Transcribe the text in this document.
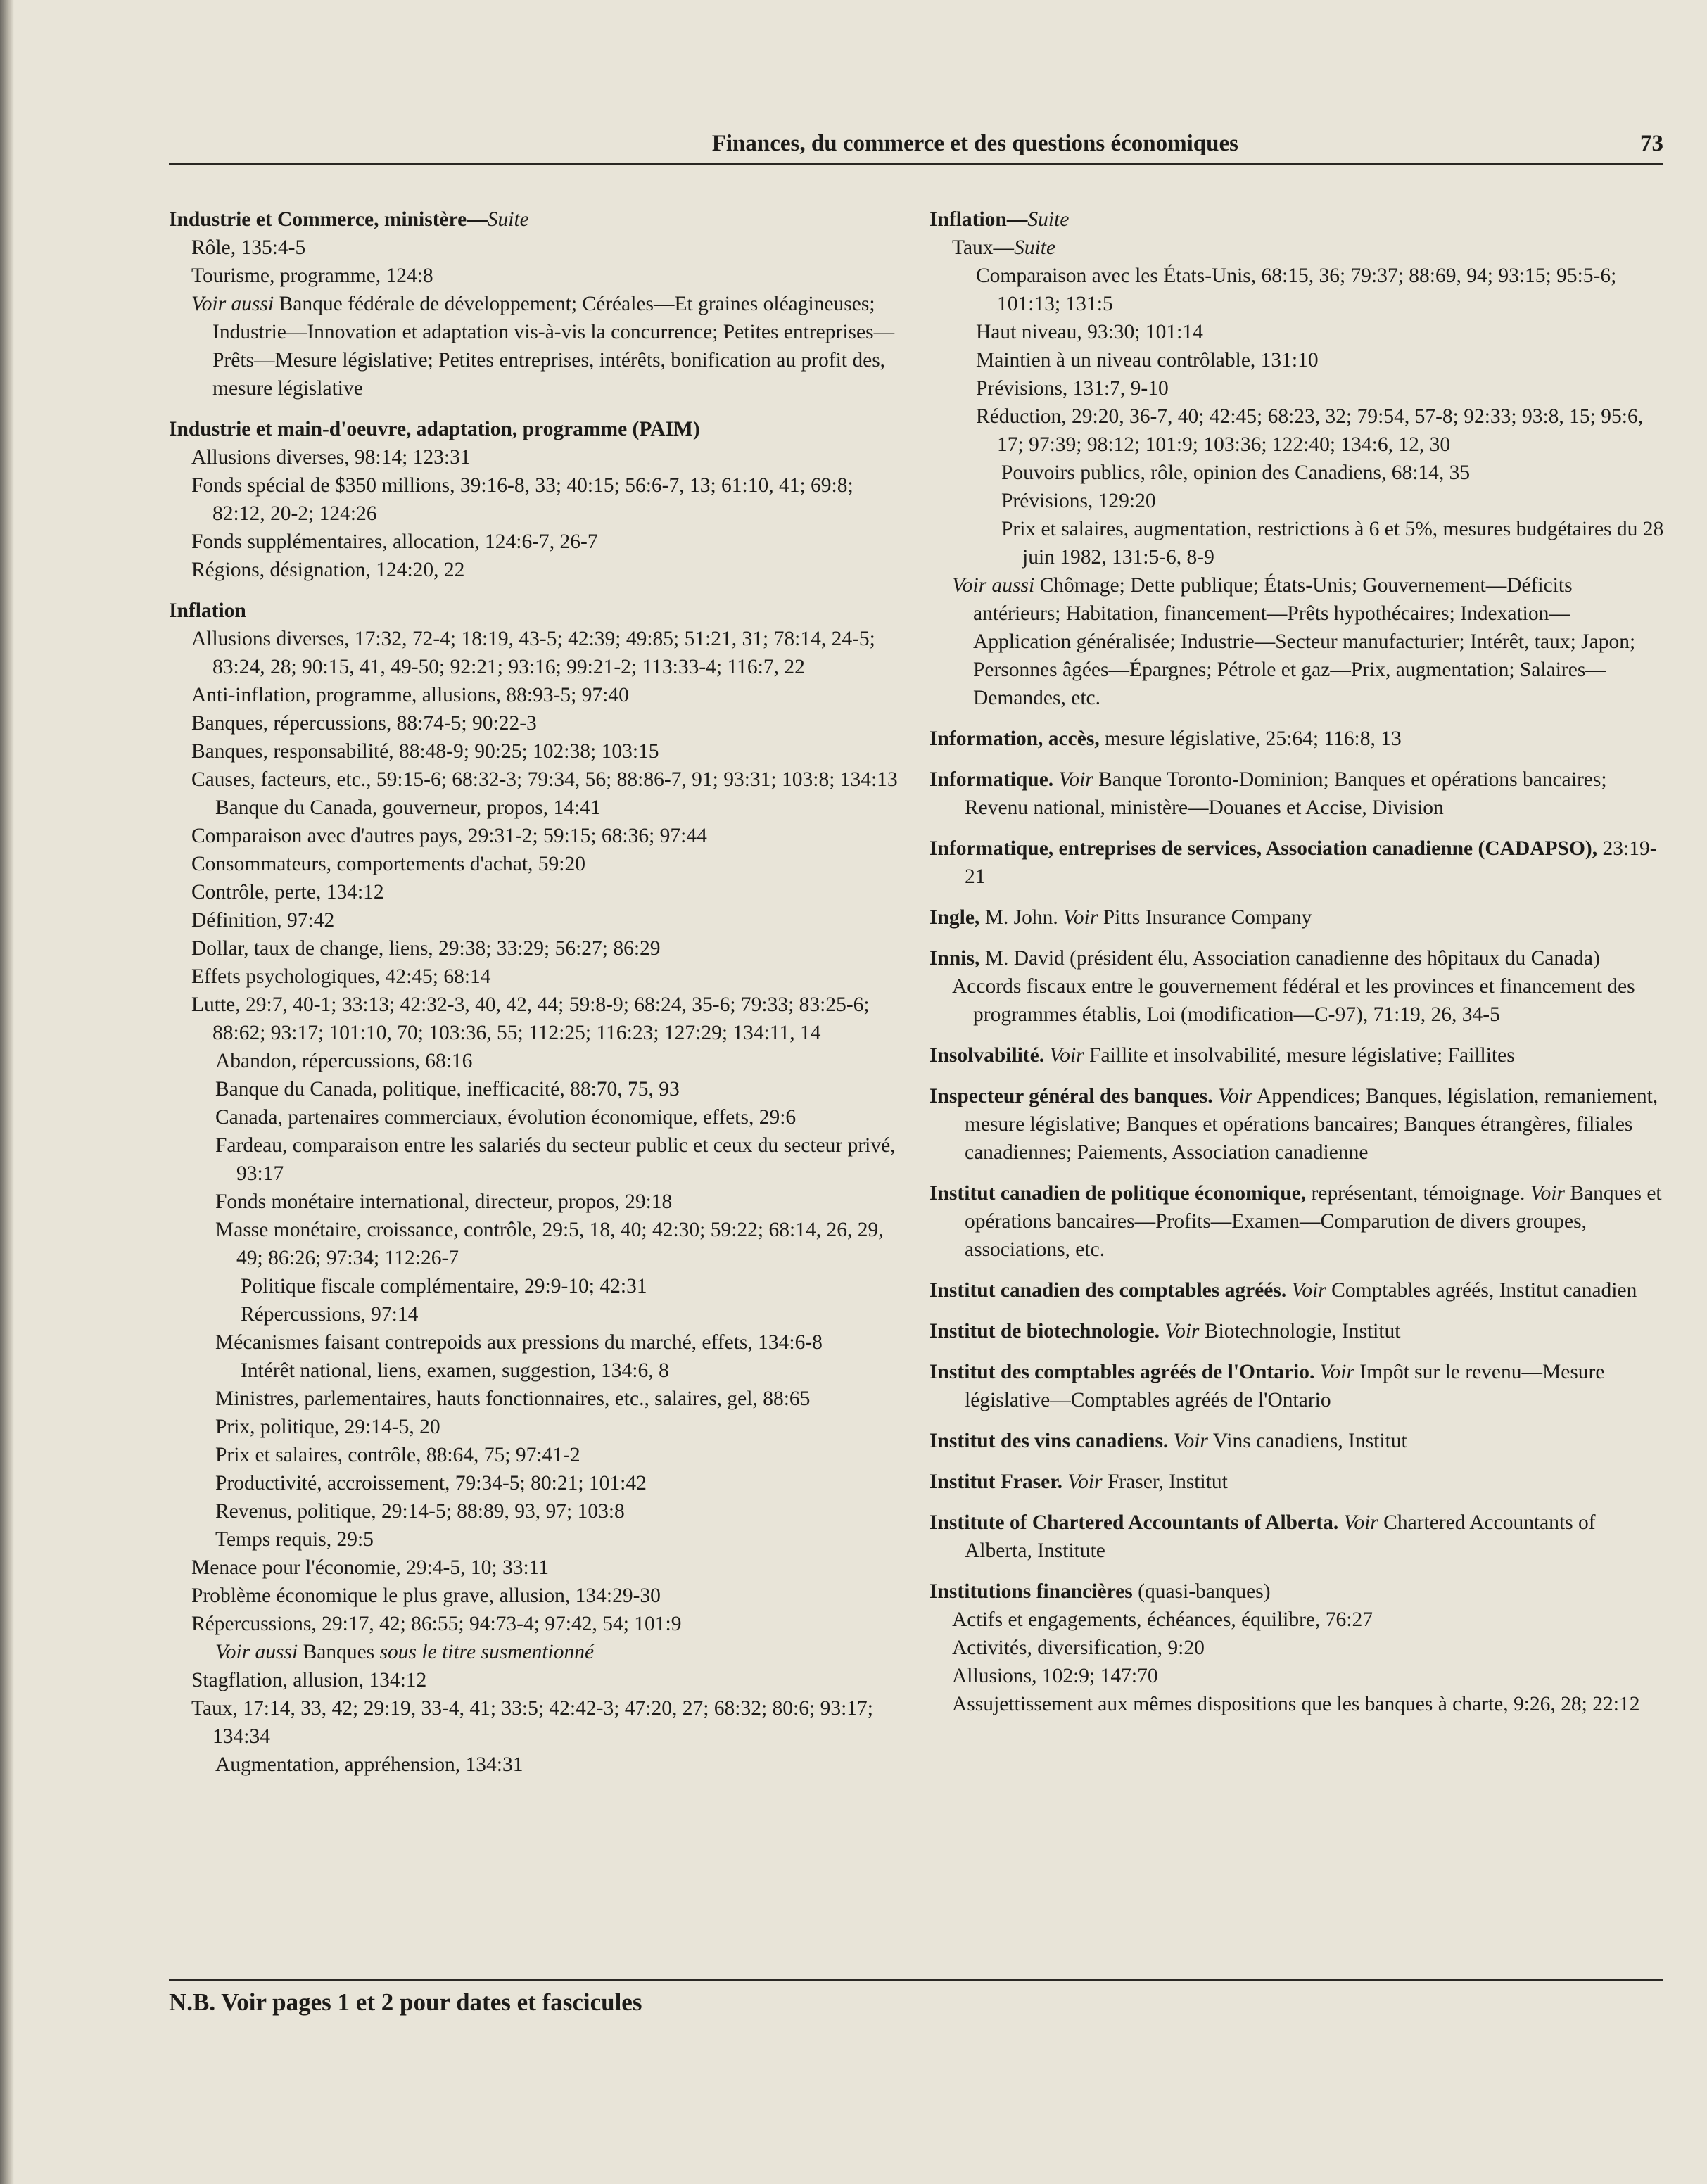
Finances, du commerce et des questions économiques	73
Industrie et Commerce, ministère—Suite
Rôle, 135:4-5
Tourisme, programme, 124:8
Voir aussi Banque fédérale de développement; Céréales—Et graines oléagineuses; Industrie—Innovation et adaptation vis-à-vis la concurrence; Petites entreprises—Prêts—Mesure législative; Petites entreprises, intérêts, bonification au profit des, mesure législative
Industrie et main-d'oeuvre, adaptation, programme (PAIM)
Allusions diverses, 98:14; 123:31
Fonds spécial de $350 millions, 39:16-8, 33; 40:15; 56:6-7, 13; 61:10, 41; 69:8; 82:12, 20-2; 124:26
Fonds supplémentaires, allocation, 124:6-7, 26-7
Régions, désignation, 124:20, 22
Inflation
Allusions diverses, 17:32, 72-4; 18:19, 43-5; 42:39; 49:85; 51:21, 31; 78:14, 24-5; 83:24, 28; 90:15, 41, 49-50; 92:21; 93:16; 99:21-2; 113:33-4; 116:7, 22
Anti-inflation, programme, allusions, 88:93-5; 97:40
Banques, répercussions, 88:74-5; 90:22-3
Banques, responsabilité, 88:48-9; 90:25; 102:38; 103:15
Causes, facteurs, etc., 59:15-6; 68:32-3; 79:34, 56; 88:86-7, 91; 93:31; 103:8; 134:13
Banque du Canada, gouverneur, propos, 14:41
Comparaison avec d'autres pays, 29:31-2; 59:15; 68:36; 97:44
Consommateurs, comportements d'achat, 59:20
Contrôle, perte, 134:12
Définition, 97:42
Dollar, taux de change, liens, 29:38; 33:29; 56:27; 86:29
Effets psychologiques, 42:45; 68:14
Lutte, 29:7, 40-1; 33:13; 42:32-3, 40, 42, 44; 59:8-9; 68:24, 35-6; 79:33; 83:25-6; 88:62; 93:17; 101:10, 70; 103:36, 55; 112:25; 116:23; 127:29; 134:11, 14
Abandon, répercussions, 68:16
Banque du Canada, politique, inefficacité, 88:70, 75, 93
Canada, partenaires commerciaux, évolution économique, effets, 29:6
Fardeau, comparaison entre les salariés du secteur public et ceux du secteur privé, 93:17
Fonds monétaire international, directeur, propos, 29:18
Masse monétaire, croissance, contrôle, 29:5, 18, 40; 42:30; 59:22; 68:14, 26, 29, 49; 86:26; 97:34; 112:26-7
Politique fiscale complémentaire, 29:9-10; 42:31
Répercussions, 97:14
Mécanismes faisant contrepoids aux pressions du marché, effets, 134:6-8
Intérêt national, liens, examen, suggestion, 134:6, 8
Ministres, parlementaires, hauts fonctionnaires, etc., salaires, gel, 88:65
Prix, politique, 29:14-5, 20
Prix et salaires, contrôle, 88:64, 75; 97:41-2
Productivité, accroissement, 79:34-5; 80:21; 101:42
Revenus, politique, 29:14-5; 88:89, 93, 97; 103:8
Temps requis, 29:5
Menace pour l'économie, 29:4-5, 10; 33:11
Problème économique le plus grave, allusion, 134:29-30
Répercussions, 29:17, 42; 86:55; 94:73-4; 97:42, 54; 101:9
Voir aussi Banques sous le titre susmentionné
Stagflation, allusion, 134:12
Taux, 17:14, 33, 42; 29:19, 33-4, 41; 33:5; 42:42-3; 47:20, 27; 68:32; 80:6; 93:17; 134:34
Augmentation, appréhension, 134:31
Inflation—Suite
Taux—Suite
Comparaison avec les États-Unis, 68:15, 36; 79:37; 88:69, 94; 93:15; 95:5-6; 101:13; 131:5
Haut niveau, 93:30; 101:14
Maintien à un niveau contrôlable, 131:10
Prévisions, 131:7, 9-10
Réduction, 29:20, 36-7, 40; 42:45; 68:23, 32; 79:54, 57-8; 92:33; 93:8, 15; 95:6, 17; 97:39; 98:12; 101:9; 103:36; 122:40; 134:6, 12, 30
Pouvoirs publics, rôle, opinion des Canadiens, 68:14, 35
Prévisions, 129:20
Prix et salaires, augmentation, restrictions à 6 et 5%, mesures budgétaires du 28 juin 1982, 131:5-6, 8-9
Voir aussi Chômage; Dette publique; États-Unis; Gouvernement—Déficits antérieurs; Habitation, financement—Prêts hypothécaires; Indexation—Application généralisée; Industrie—Secteur manufacturier; Intérêt, taux; Japon; Personnes âgées—Épargnes; Pétrole et gaz—Prix, augmentation; Salaires—Demandes, etc.
Information, accès, mesure législative, 25:64; 116:8, 13
Informatique. Voir Banque Toronto-Dominion; Banques et opérations bancaires; Revenu national, ministère—Douanes et Accise, Division
Informatique, entreprises de services, Association canadienne (CADAPSO), 23:19-21
Ingle, M. John. Voir Pitts Insurance Company
Innis, M. David (président élu, Association canadienne des hôpitaux du Canada)
Accords fiscaux entre le gouvernement fédéral et les provinces et financement des programmes établis, Loi (modification—C-97), 71:19, 26, 34-5
Insolvabilité. Voir Faillite et insolvabilité, mesure législative; Faillites
Inspecteur général des banques. Voir Appendices; Banques, législation, remaniement, mesure législative; Banques et opérations bancaires; Banques étrangères, filiales canadiennes; Paiements, Association canadienne
Institut canadien de politique économique, représentant, témoignage. Voir Banques et opérations bancaires—Profits—Examen—Comparution de divers groupes, associations, etc.
Institut canadien des comptables agréés. Voir Comptables agréés, Institut canadien
Institut de biotechnologie. Voir Biotechnologie, Institut
Institut des comptables agréés de l'Ontario. Voir Impôt sur le revenu—Mesure législative—Comptables agréés de l'Ontario
Institut des vins canadiens. Voir Vins canadiens, Institut
Institut Fraser. Voir Fraser, Institut
Institute of Chartered Accountants of Alberta. Voir Chartered Accountants of Alberta, Institute
Institutions financières (quasi-banques)
Actifs et engagements, échéances, équilibre, 76:27
Activités, diversification, 9:20
Allusions, 102:9; 147:70
Assujettissement aux mêmes dispositions que les banques à charte, 9:26, 28; 22:12
N.B. Voir pages 1 et 2 pour dates et fascicules
